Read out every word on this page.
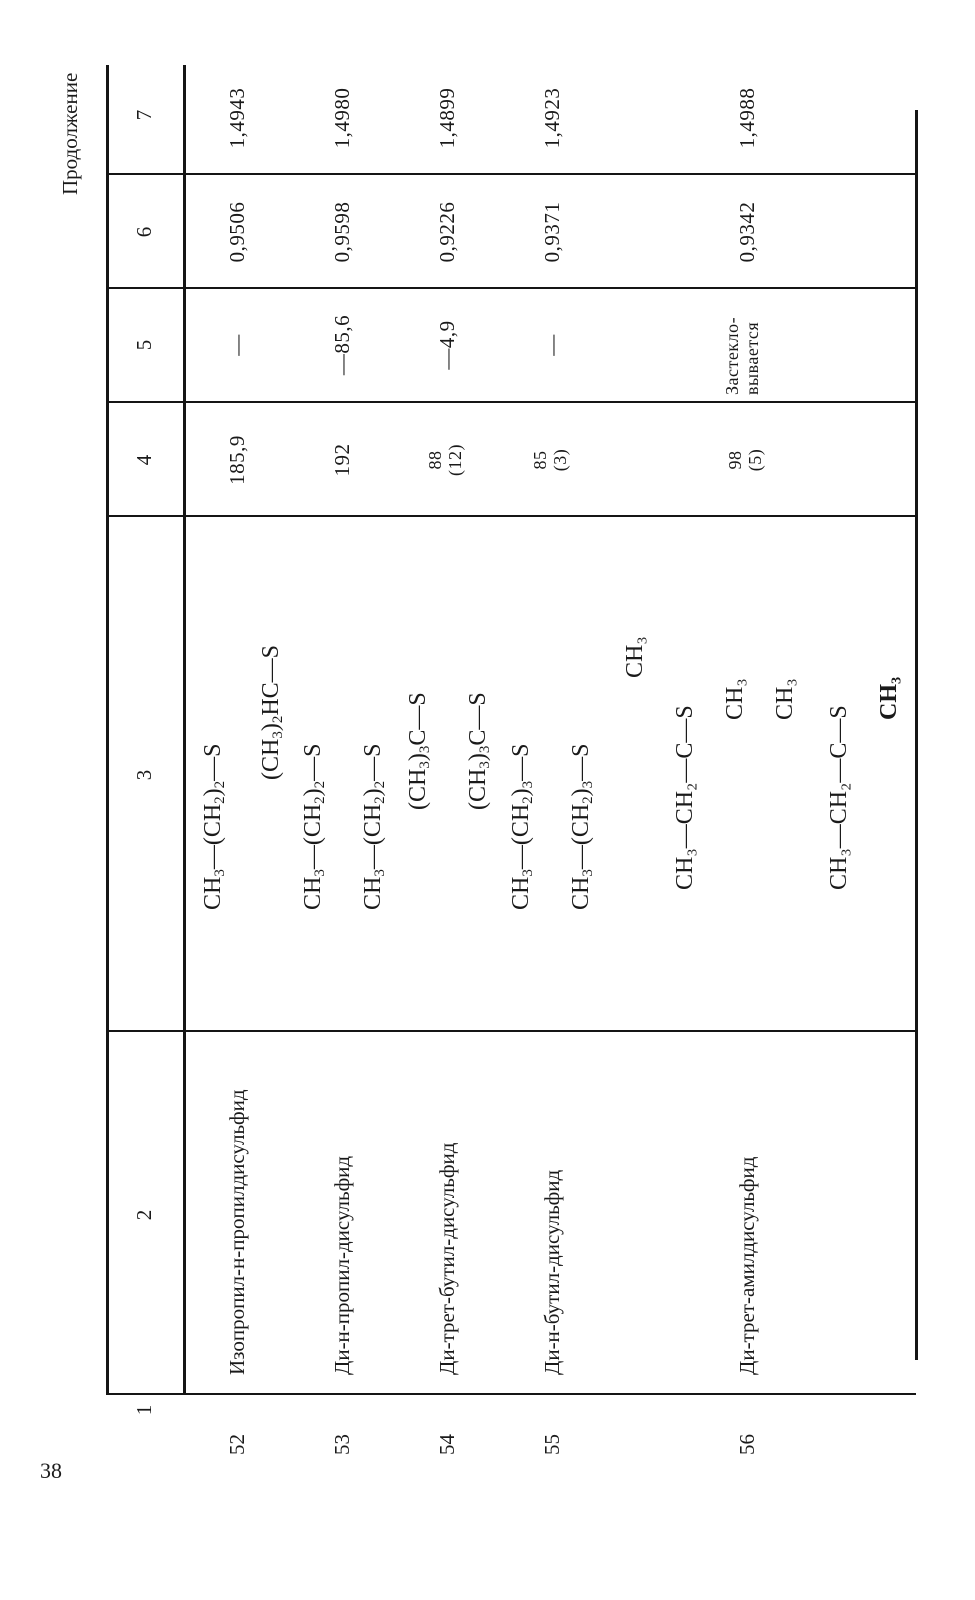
Продолжение
1
2
3
4
5
6
7
52
Изопропил-н-пропилдисульфид
$CH_3—(CH_2)_2—S$ $(CH_3)_2HC—S$
185,9
—
0,9506
1,4943
53
Ди-н-пропил-дисульфид
$CH_3—(CH_2)_2—S$
$CH_3—(CH_2)_2—S$
192
—85,6
0,9598
1,4980
54
Ди-трет-бутил-дисульфид
$(CH_3)_3C—S$
$(CH_3)_3C—S$
88 (12)
—4,9
0,9226
1,4899
55
Ди-н-бутил-дисульфид
$CH_3—(CH_2)_3—S$
$CH_3—(CH_2)_3—S$
85 (3)
—
0,9371
1,4923
56
Ди-трет-амилдисульфид
CH₃
CH₃—CH₂—C—S
CH₃ CH₃
CH₃—CH₂—C—S
CH₃
98 (5)
Застекло- вывается
0,9342
1,4988
38
